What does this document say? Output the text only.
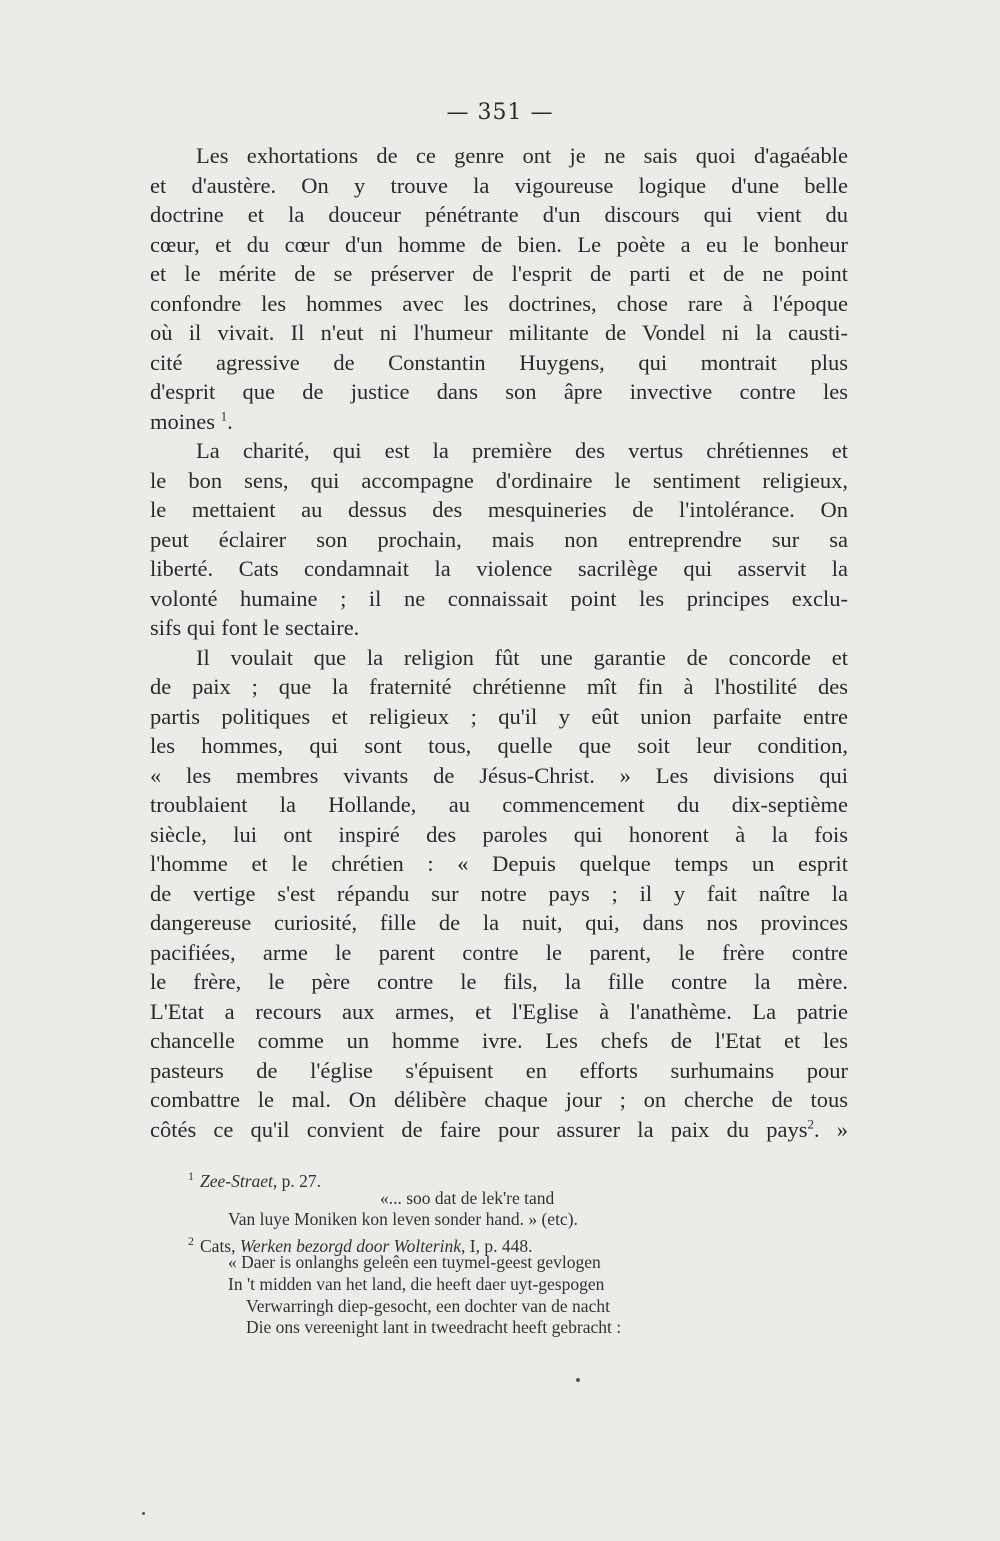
— 351 —
Les exhortations de ce genre ont je ne sais quoi d'agaéable
et d'austère. On y trouve la vigoureuse logique d'une belle
doctrine et la douceur pénétrante d'un discours qui vient du
cœur, et du cœur d'un homme de bien. Le poète a eu le bonheur
et le mérite de se préserver de l'esprit de parti et de ne point
confondre les hommes avec les doctrines, chose rare à l'époque
où il vivait. Il n'eut ni l'humeur militante de Vondel ni la causti-
cité agressive de Constantin Huygens, qui montrait plus
d'esprit que de justice dans son âpre invective contre les
moines $^1$.
La charité, qui est la première des vertus chrétiennes et
le bon sens, qui accompagne d'ordinaire le sentiment religieux,
le mettaient au dessus des mesquineries de l'intolérance. On
peut éclairer son prochain, mais non entreprendre sur sa
liberté. Cats condamnait la violence sacrilège qui asservit la
volonté humaine ; il ne connaissait point les principes exclu-
sifs qui font le sectaire.
Il voulait que la religion fût une garantie de concorde et
de paix ; que la fraternité chrétienne mît fin à l'hostilité des
partis politiques et religieux ; qu'il y eût union parfaite entre
les hommes, qui sont tous, quelle que soit leur condition,
« les membres vivants de Jésus-Christ. » Les divisions qui
troublaient la Hollande, au commencement du dix-septième
siècle, lui ont inspiré des paroles qui honorent à la fois
l'homme et le chrétien : « Depuis quelque temps un esprit
de vertige s'est répandu sur notre pays ; il y fait naître la
dangereuse curiosité, fille de la nuit, qui, dans nos provinces
pacifiées, arme le parent contre le parent, le frère contre
le frère, le père contre le fils, la fille contre la mère.
L'Etat a recours aux armes, et l'Eglise à l'anathème. La patrie
chancelle comme un homme ivre. Les chefs de l'Etat et les
pasteurs de l'église s'épuisent en efforts surhumains pour
combattre le mal. On délibère chaque jour ; on cherche de tous
côtés ce qu'il convient de faire pour assurer la paix du pays$^2$. »
$^1$ Zee-Straet, p. 27.
«... soo dat de lek're tand
Van luye Moniken kon leven sonder hand. » (etc).
$^2$ Cats, Werken bezorgd door Wolterink, I, p. 448.
« Daer is onlanghs geleên een tuymel-geest gevlogen
In 't midden van het land, die heeft daer uyt-gespogen
Verwarringh diep-gesocht, een dochter van de nacht
Die ons vereenight lant in tweedracht heeft gebracht :
